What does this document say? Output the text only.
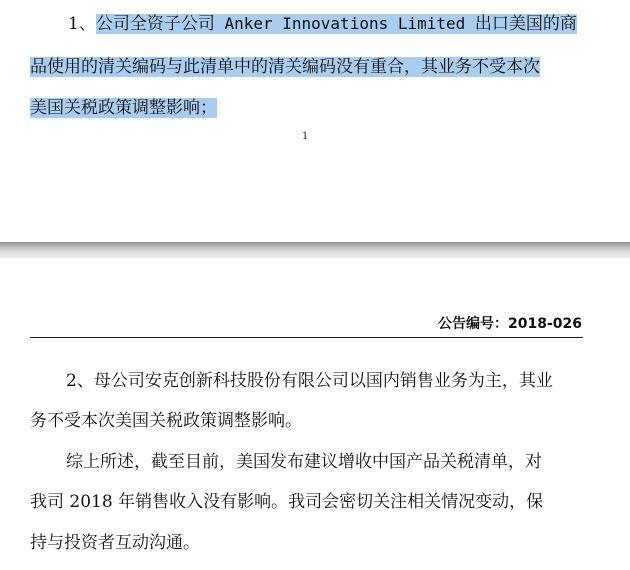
1、公司全资子公司 Anker Innovations Limited 出口美国的商
品使用的清关编码与此清单中的清关编码没有重合，其业务不受本次
美国关税政策调整影响；
1
公告编号：2018-026
2、母公司安克创新科技股份有限公司以国内销售业务为主，其业
务不受本次美国关税政策调整影响。
综上所述，截至目前，美国发布建议增收中国产品关税清单，对
我司 2018 年销售收入没有影响。我司会密切关注相关情况变动，保
持与投资者互动沟通。
